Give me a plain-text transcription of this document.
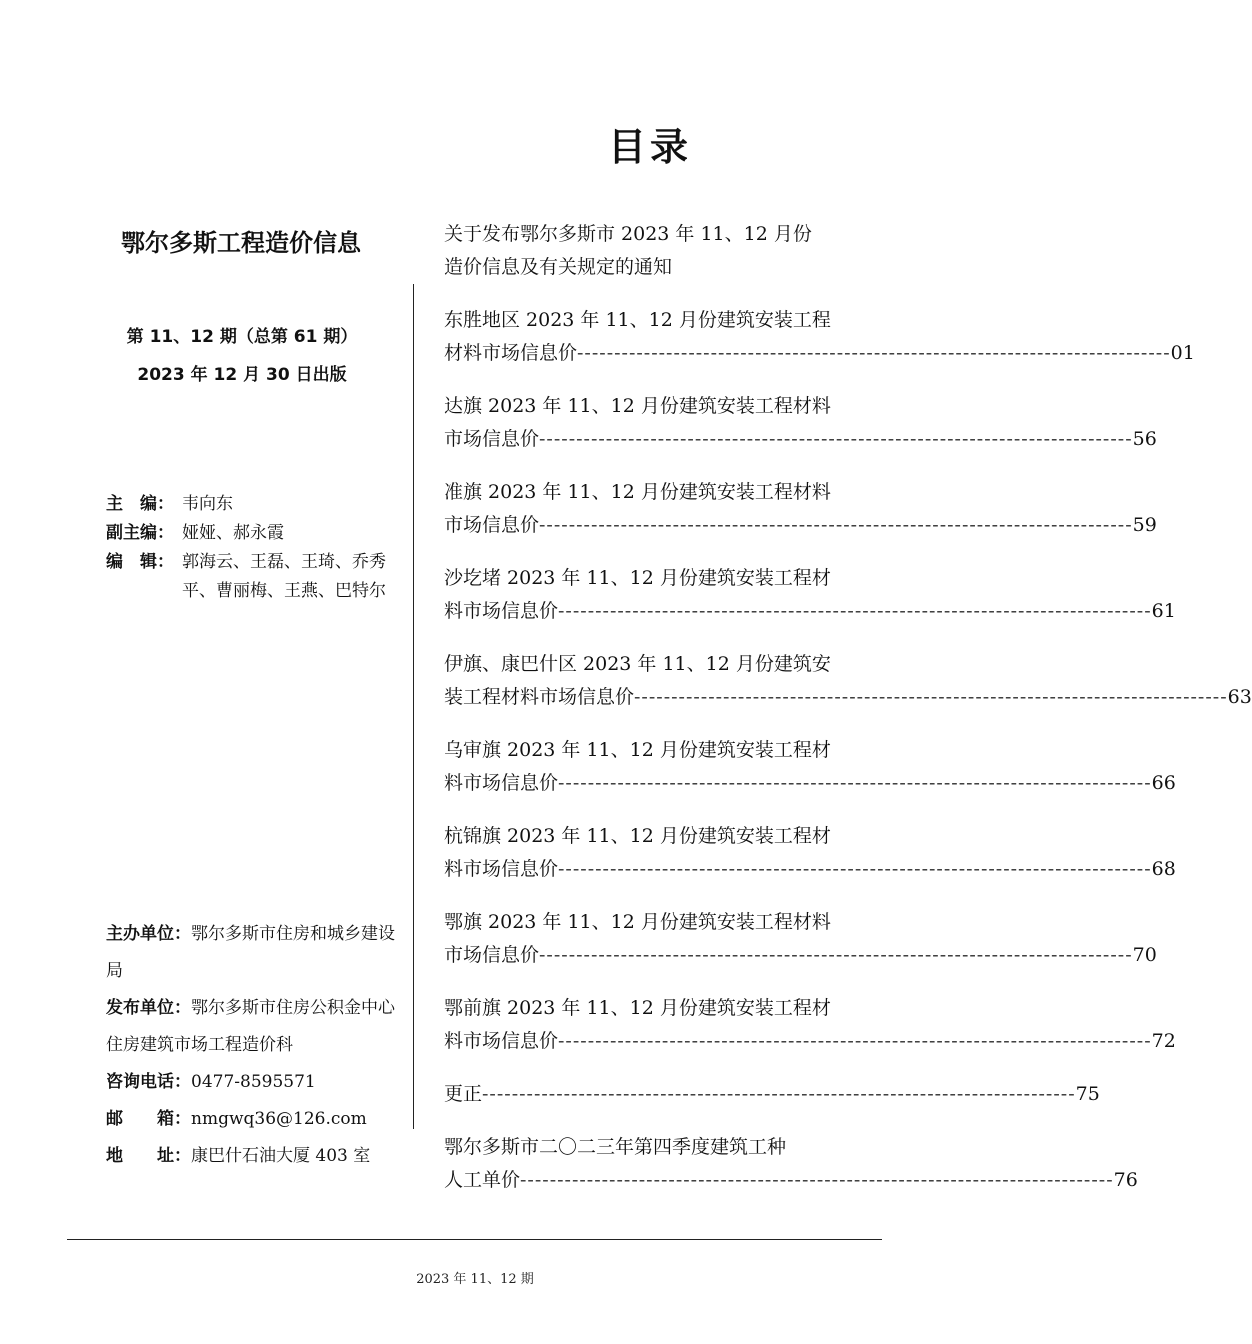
目录
鄂尔多斯工程造价信息
第 11、12 期（总第 61 期）
2023 年 12 月 30 日出版
主　编： 韦向东
副主编： 娅娅、郝永霞
编　辑： 郭海云、王磊、王琦、乔秀平、曹丽梅、王燕、巴特尔
主办单位：鄂尔多斯市住房和城乡建设局
发布单位：鄂尔多斯市住房公积金中心住房建筑市场工程造价科
咨询电话：0477-8595571
邮　　箱：nmgwq36@126.com
地　　址：康巴什石油大厦 403 室
关于发布鄂尔多斯市 2023 年 11、12 月份
造价信息及有关规定的通知
东胜地区 2023 年 11、12 月份建筑安装工程
材料市场信息价 -------------------------------------------------------------------------------- 01
达旗 2023 年 11、12 月份建筑安装工程材料
市场信息价 -------------------------------------------------------------------------------- 56
准旗 2023 年 11、12 月份建筑安装工程材料
市场信息价 -------------------------------------------------------------------------------- 59
沙圪堵 2023 年 11、12 月份建筑安装工程材
料市场信息价 -------------------------------------------------------------------------------- 61
伊旗、康巴什区 2023 年 11、12 月份建筑安
装工程材料市场信息价 -------------------------------------------------------------------------------- 63
乌审旗 2023 年 11、12 月份建筑安装工程材
料市场信息价 -------------------------------------------------------------------------------- 66
杭锦旗 2023 年 11、12 月份建筑安装工程材
料市场信息价 -------------------------------------------------------------------------------- 68
鄂旗 2023 年 11、12 月份建筑安装工程材料
市场信息价 -------------------------------------------------------------------------------- 70
鄂前旗 2023 年 11、12 月份建筑安装工程材
料市场信息价 -------------------------------------------------------------------------------- 72
更正 -------------------------------------------------------------------------------- 75
鄂尔多斯市二〇二三年第四季度建筑工种
人工单价 -------------------------------------------------------------------------------- 76
2023 年 11、12 期
